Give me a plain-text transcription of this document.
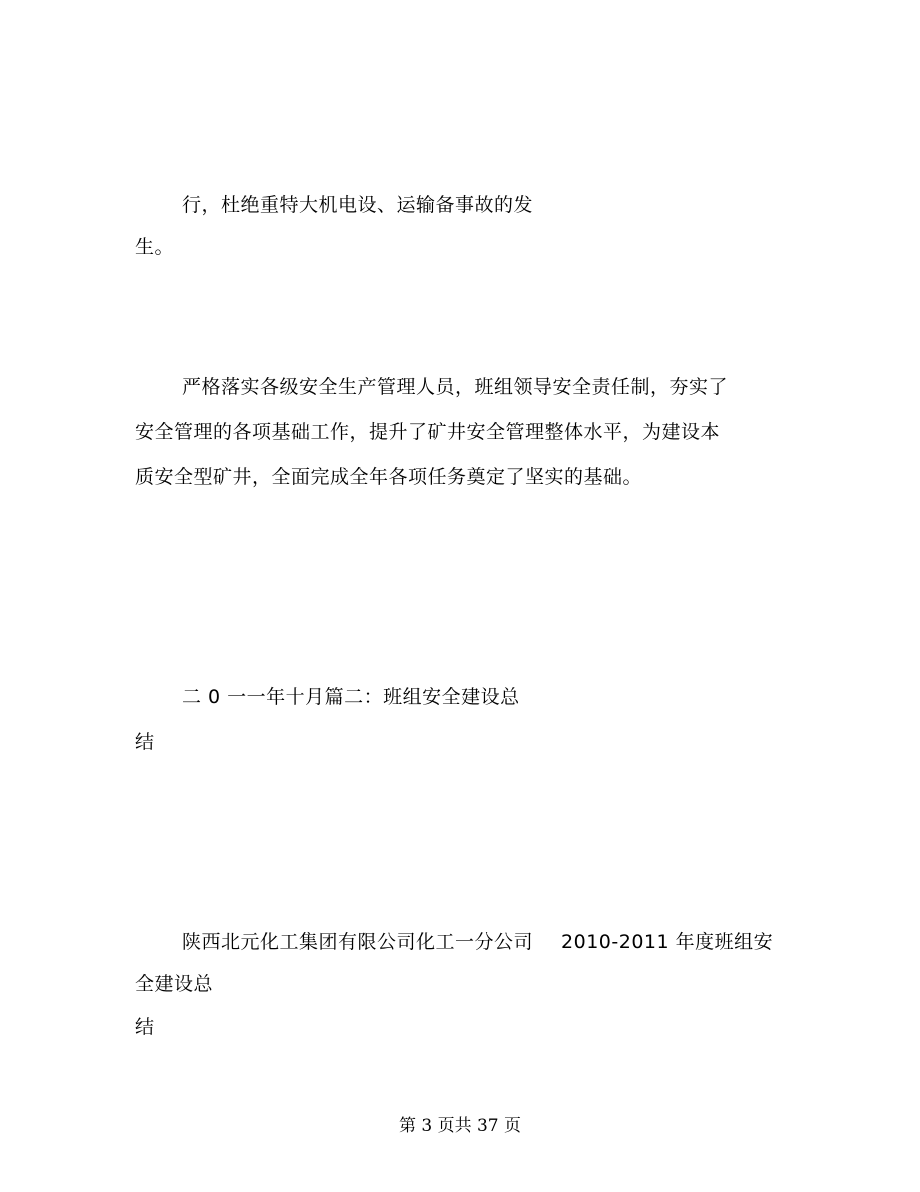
行，杜绝重特大机电设、运输备事故的发
生。
严格落实各级安全生产管理人员，班组领导安全责任制，夯实了
安全管理的各项基础工作，提升了矿井安全管理整体水平，为建设本
质安全型矿井，全面完成全年各项任务奠定了坚实的基础。
二 0 一一年十月篇二：班组安全建设总
结
陕西北元化工集团有限公司化工一分公司 2010-2011 年度班组安
全建设总
结
第 3 页共 37 页
